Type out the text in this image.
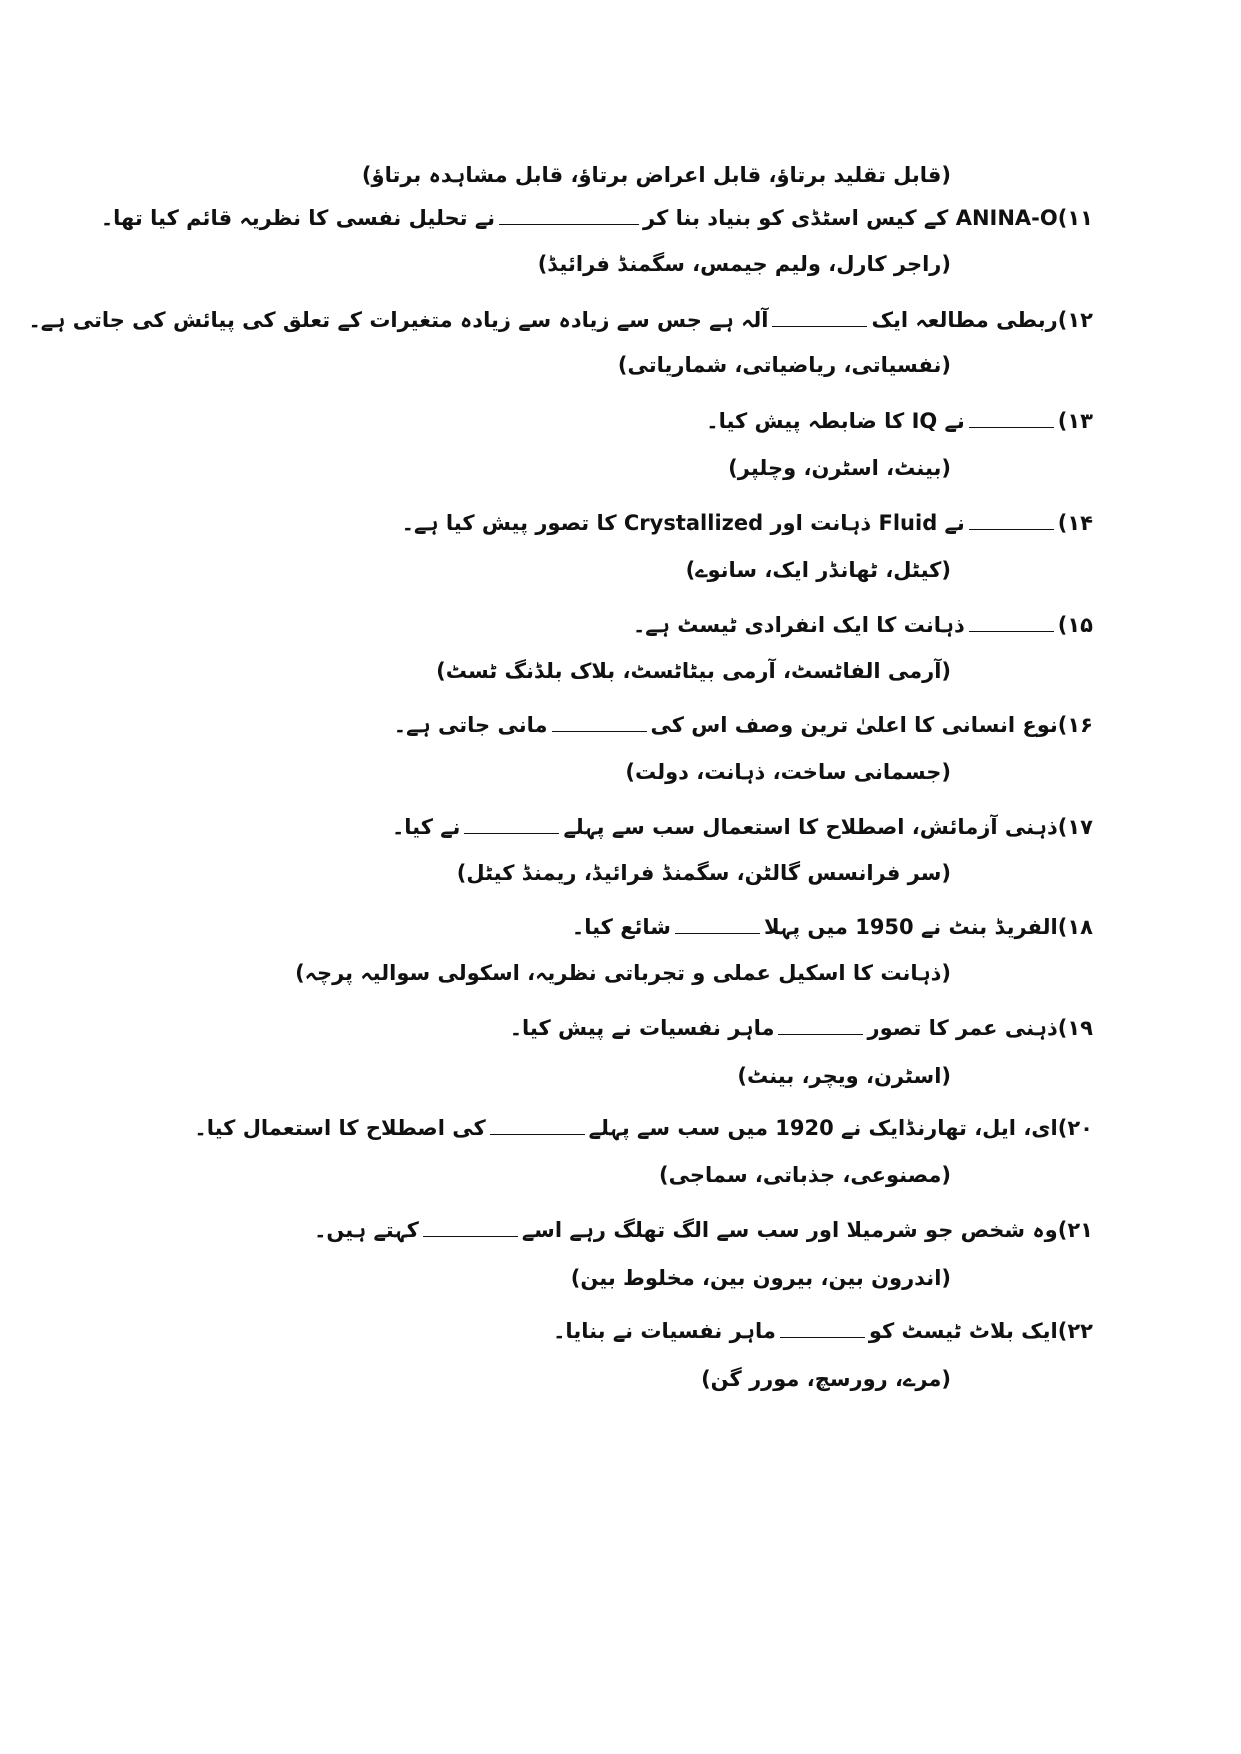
(قابل تقلید برتاؤ، قابل اعراض برتاؤ، قابل مشاہدہ برتاؤ)
۱۱)ANINA-O کے کیس اسٹڈی کو بنیاد بنا کرنے تحلیل نفسی کا نظریہ قائم کیا تھا۔
(راجر کارل، ولیم جیمس، سگمنڈ فرائیڈ)
۱۲)ربطی مطالعہ ایکآلہ ہے جس سے زیادہ سے زیادہ متغیرات کے تعلق کی پیائش کی جاتی ہے۔
(نفسیاتی، ریاضیاتی، شماریاتی)
۱۳)نے IQ کا ضابطہ پیش کیا۔
(بینٹ، اسٹرن، وچلپر)
۱۴)نے Fluid ذہانت اور Crystallized کا تصور پیش کیا ہے۔
(کیٹل، ٹھانڈر ایک، سانوے)
۱۵)ذہانت کا ایک انفرادی ٹیسٹ ہے۔
(آرمی الفاٹسٹ، آرمی بیٹاٹسٹ، بلاک بلڈنگ ٹسٹ)
۱۶)نوع انسانی کا اعلیٰ ترین وصف اس کیمانی جاتی ہے۔
(جسمانی ساخت، ذہانت، دولت)
۱۷)ذہنی آزمائش، اصطلاح کا استعمال سب سے پہلےنے کیا۔
(سر فرانسس گالٹن، سگمنڈ فرائیڈ، ریمنڈ کیٹل)
۱۸)الفریڈ بنٹ نے 1950 میں پہلاشائع کیا۔
(ذہانت کا اسکیل عملی و تجرباتی نظریہ، اسکولی سوالیہ پرچہ)
۱۹)ذہنی عمر کا تصورماہر نفسیات نے پیش کیا۔
(اسٹرن، ویچر، بینٹ)
۲۰)ای، ایل، تھارنڈایک نے 1920 میں سب سے پہلےکی اصطلاح کا استعمال کیا۔
(مصنوعی، جذباتی، سماجی)
۲۱)وہ شخص جو شرمیلا اور سب سے الگ تھلگ رہے اسےکہتے ہیں۔
(اندرون بین، بیرون بین، مخلوط بین)
۲۲)ایک بلاٹ ٹیسٹ کوماہر نفسیات نے بنایا۔
(مرے، رورسچ، مورر گن)
